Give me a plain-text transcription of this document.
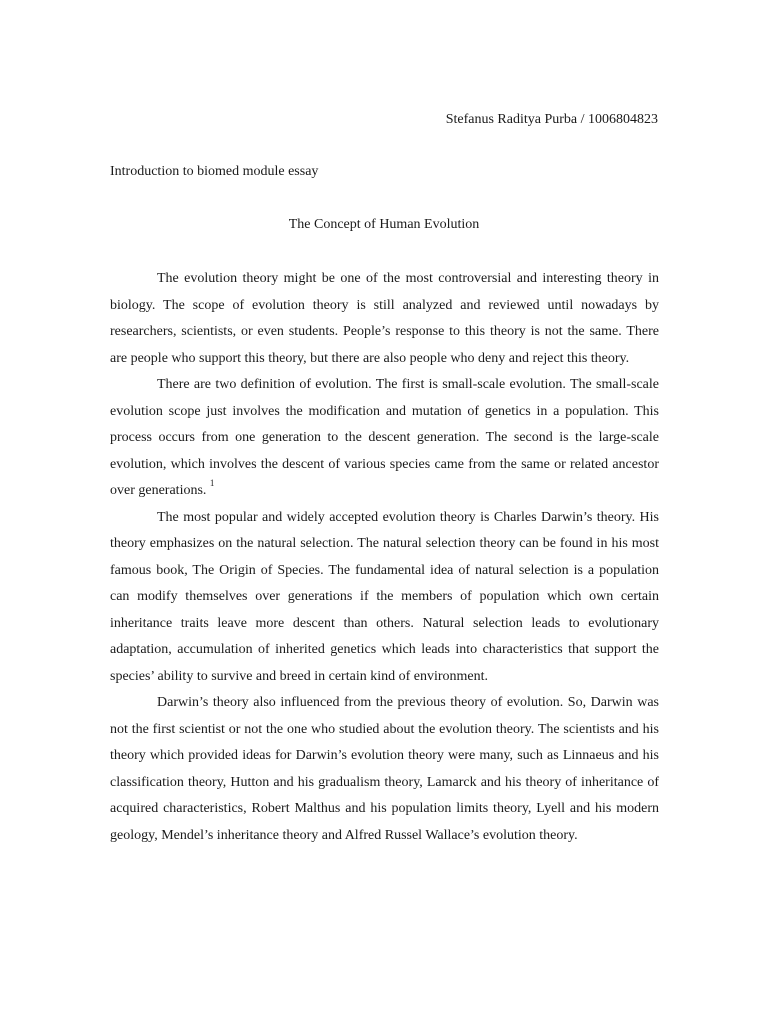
Stefanus Raditya Purba / 1006804823
Introduction to biomed module essay
The Concept of Human Evolution

The evolution theory might be one of the most controversial and interesting theory in biology. The scope of evolution theory is still analyzed and reviewed until nowadays by researchers, scientists, or even students. People’s response to this theory is not the same. There are people who support this theory, but there are also people who deny and reject this theory.

There are two definition of evolution. The first is small-scale evolution. The small-scale evolution scope just involves the modification and mutation of genetics in a population. This process occurs from one generation to the descent generation. The second is the large-scale evolution, which involves the descent of various species came from the same or related ancestor over generations. $^1$

The most popular and widely accepted evolution theory is Charles Darwin’s theory. His theory emphasizes on the natural selection. The natural selection theory can be found in his most famous book, The Origin of Species. The fundamental idea of natural selection is a population can modify themselves over generations if the members of population which own certain inheritance traits leave more descent than others. Natural selection leads to evolutionary adaptation, accumulation of inherited genetics which leads into characteristics that support the species’ ability to survive and breed in certain kind of environment.

Darwin’s theory also influenced from the previous theory of evolution. So, Darwin was not the first scientist or not the one who studied about the evolution theory. The scientists and his theory which provided ideas for Darwin’s evolution theory were many, such as Linnaeus and his classification theory, Hutton and his gradualism theory, Lamarck and his theory of inheritance of acquired characteristics, Robert Malthus and his population limits theory, Lyell and his modern geology, Mendel’s inheritance theory and Alfred Russel Wallace’s evolution theory.
